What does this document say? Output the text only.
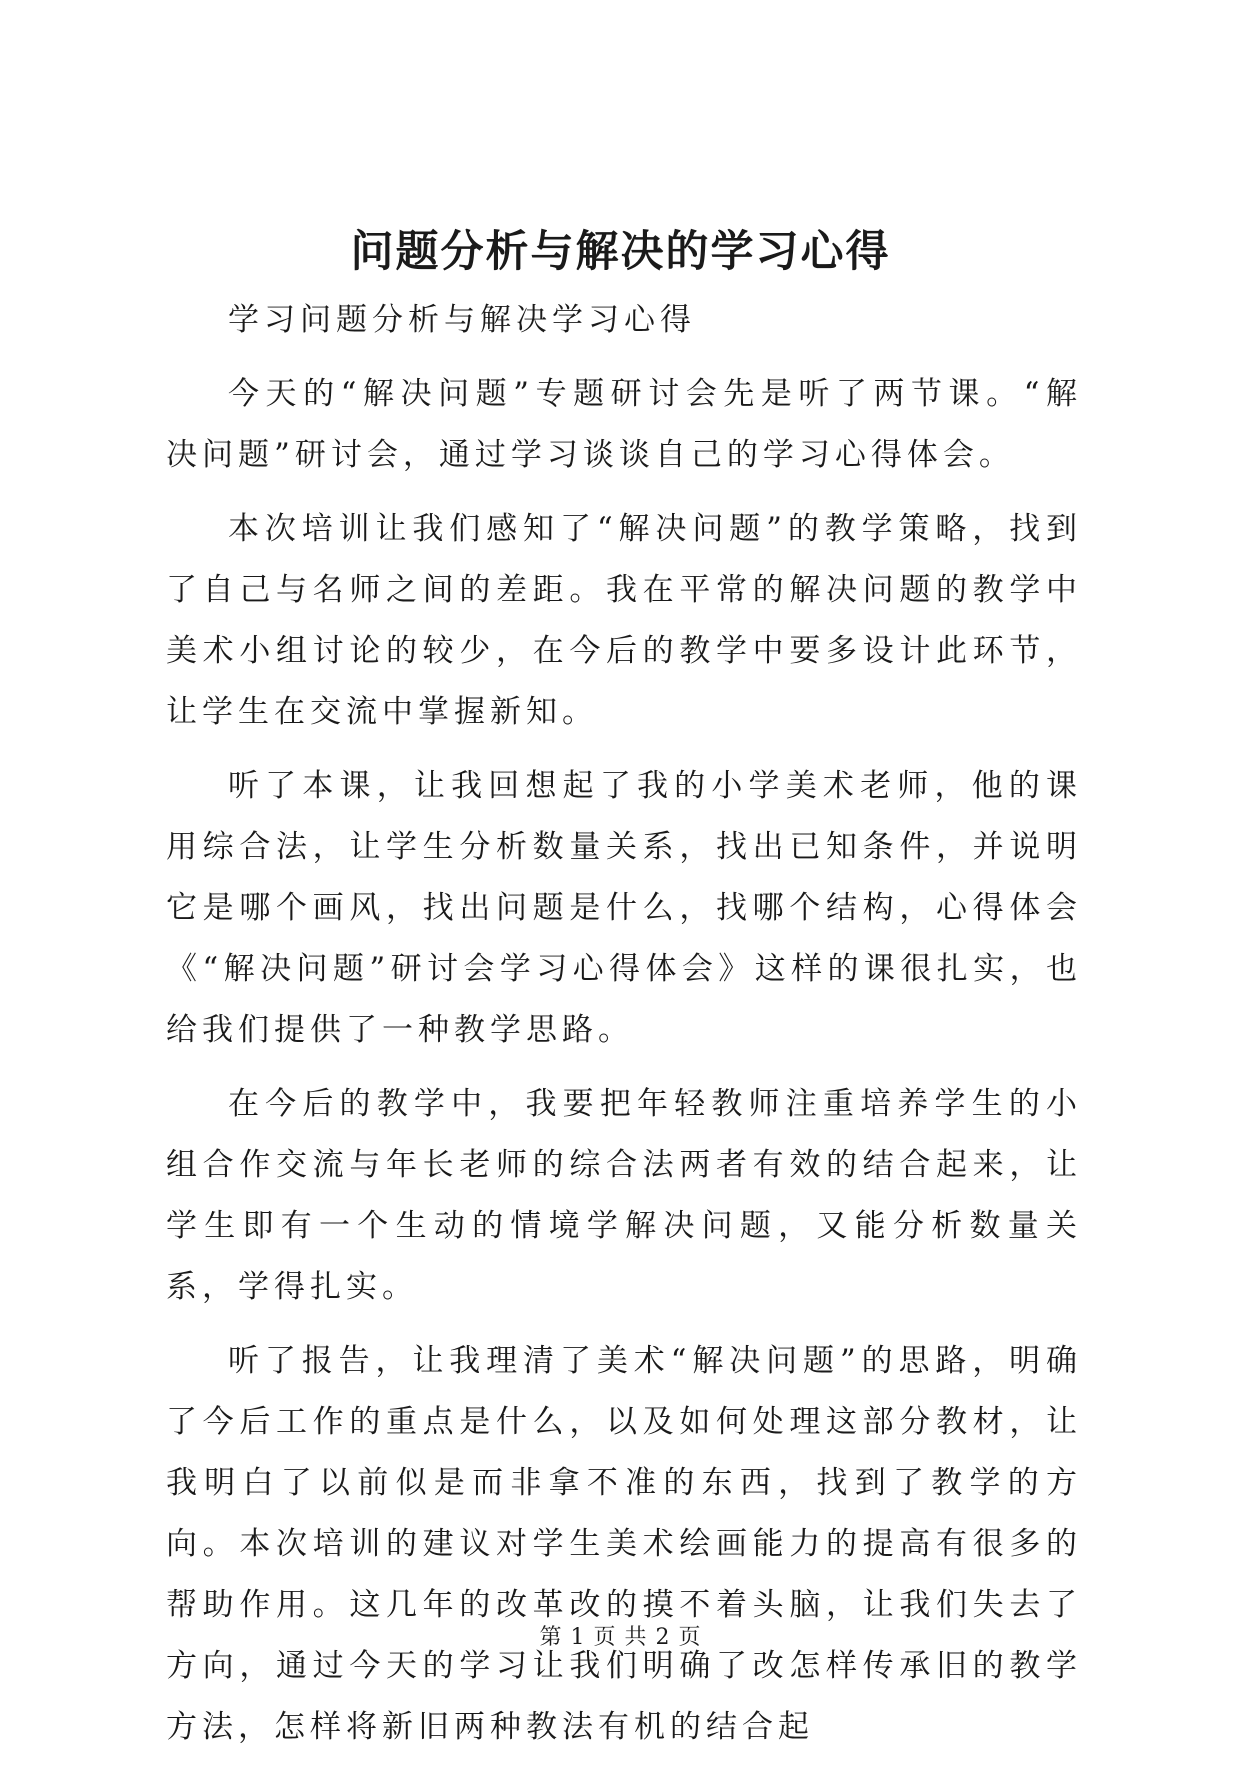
问题分析与解决的学习心得

学习问题分析与解决学习心得

今天的“解决问题”专题研讨会先是听了两节课。“解决问题”研讨会，通过学习谈谈自己的学习心得体会。

本次培训让我们感知了“解决问题”的教学策略，找到了自己与名师之间的差距。我在平常的解决问题的教学中美术小组讨论的较少，在今后的教学中要多设计此环节，让学生在交流中掌握新知。

听了本课，让我回想起了我的小学美术老师，他的课用综合法，让学生分析数量关系，找出已知条件，并说明它是哪个画风，找出问题是什么，找哪个结构，心得体会《“解决问题”研讨会学习心得体会》这样的课很扎实，也给我们提供了一种教学思路。

在今后的教学中，我要把年轻教师注重培养学生的小组合作交流与年长老师的综合法两者有效的结合起来，让学生即有一个生动的情境学解决问题，又能分析数量关系，学得扎实。

听了报告，让我理清了美术“解决问题”的思路，明确了今后工作的重点是什么，以及如何处理这部分教材，让我明白了以前似是而非拿不准的东西，找到了教学的方向。本次培训的建议对学生美术绘画能力的提高有很多的帮助作用。这几年的改革改的摸不着头脑，让我们失去了方向，通过今天的学习让我们明确了改怎样传承旧的教学方法，怎样将新旧两种教法有机的结合起

第 1 页 共 2 页
